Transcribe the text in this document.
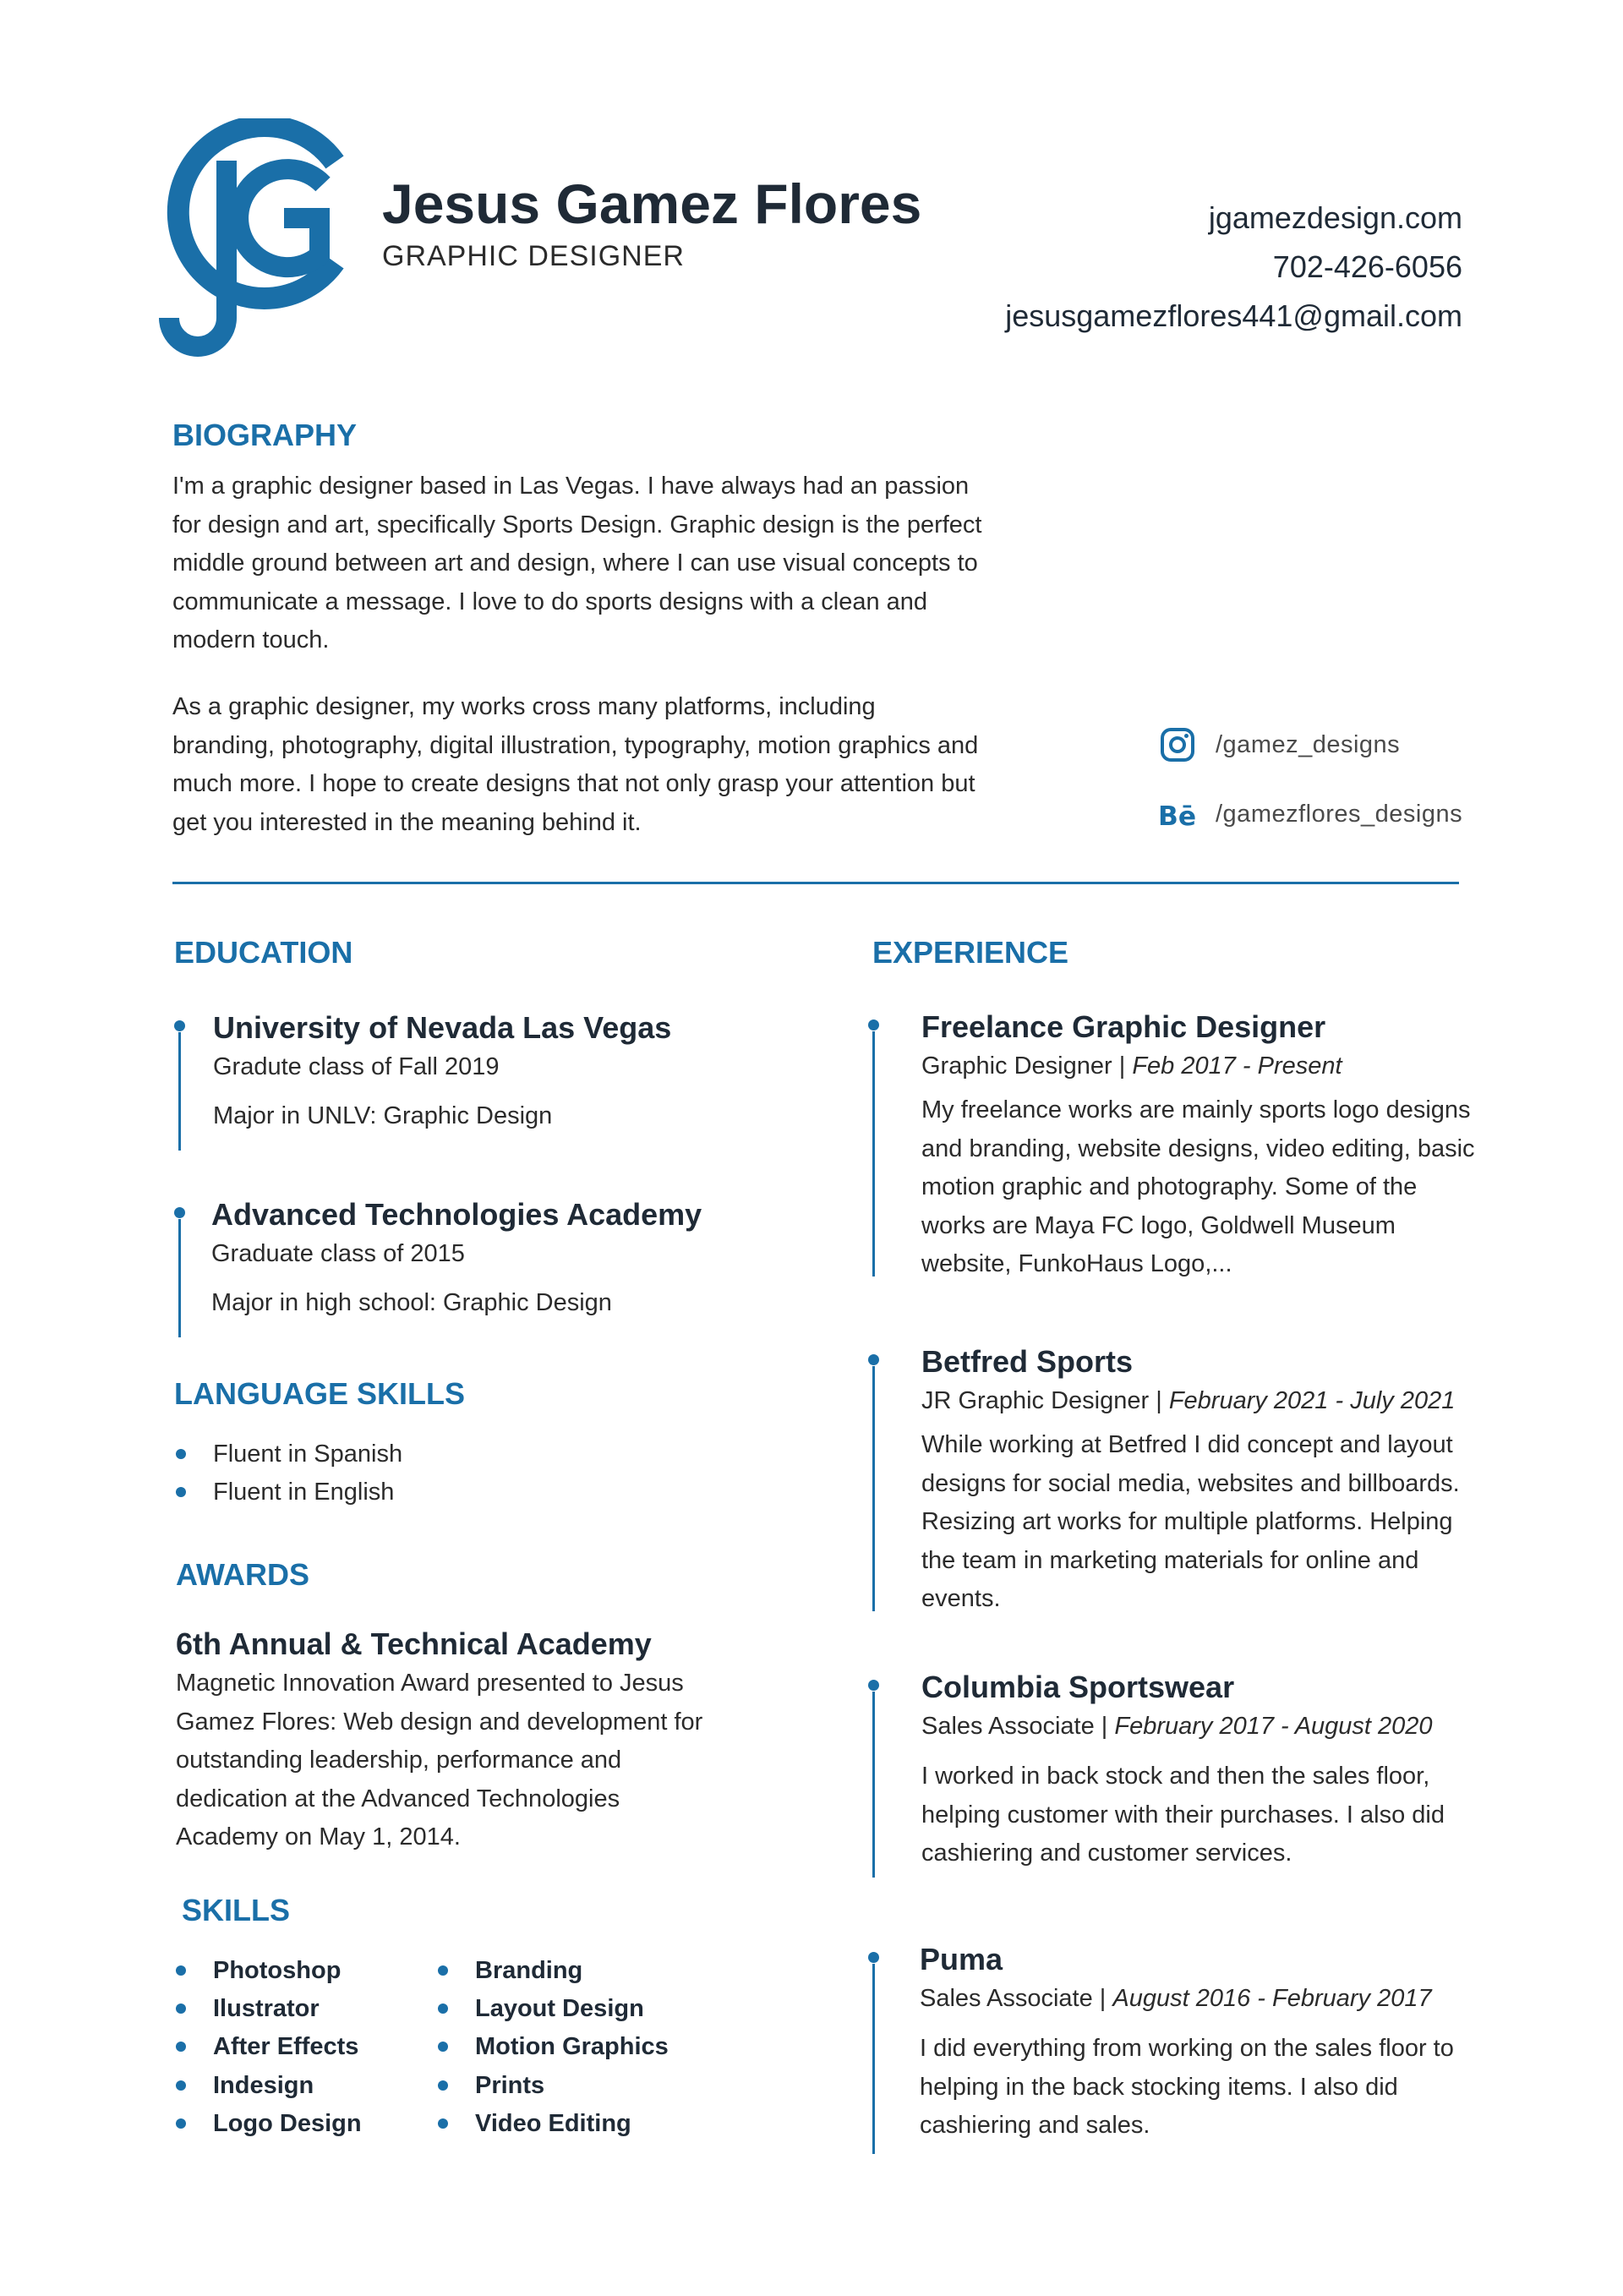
Jesus Gamez Flores
GRAPHIC DESIGNER
jgamezdesign.com
702-426-6056
jesusgamezflores441@gmail.com
BIOGRAPHY
I'm a graphic designer based in Las Vegas. I have always had an passion for design and art, specifically Sports Design. Graphic design is the perfect middle ground between art and design, where I can use visual concepts to communicate a message. I love to do sports designs with a clean and modern touch.
As a graphic designer, my works cross many platforms, including branding, photography, digital illustration, typography, motion graphics and much more. I hope to create designs that not only grasp your attention but get you interested in the meaning behind it.
/gamez_designs
Bē /gamezflores_designs
EDUCATION
University of Nevada Las Vegas
Gradute class of Fall 2019
Major in UNLV: Graphic Design
Advanced Technologies Academy
Graduate class of 2015
Major in high school: Graphic Design
LANGUAGE SKILLS
Fluent in Spanish
Fluent in English
AWARDS
6th Annual & Technical Academy
Magnetic Innovation Award presented to Jesus Gamez Flores: Web design and development for outstanding leadership, performance and dedication at the Advanced Technologies Academy on May 1, 2014.
SKILLS
Photoshop
Ilustrator
After Effects
Indesign
Logo Design
Branding
Layout Design
Motion Graphics
Prints
Video Editing
EXPERIENCE
Freelance Graphic Designer
Graphic Designer | Feb 2017 - Present
My freelance works are mainly sports logo designs and branding, website designs, video editing, basic motion graphic and photography. Some of the works are Maya FC logo, Goldwell Museum website, FunkoHaus Logo,...
Betfred Sports
JR Graphic Designer | February 2021 - July 2021
While working at Betfred I did concept and layout designs for social media, websites and billboards. Resizing art works for multiple platforms. Helping the team in marketing materials for online and events.
Columbia Sportswear
Sales Associate | February 2017 - August 2020
I worked in back stock and then the sales floor, helping customer with their purchases. I also did cashiering and customer services.
Puma
Sales Associate | August 2016 - February 2017
I did everything from working on the sales floor to helping in the back stocking items. I also did cashiering and sales.
